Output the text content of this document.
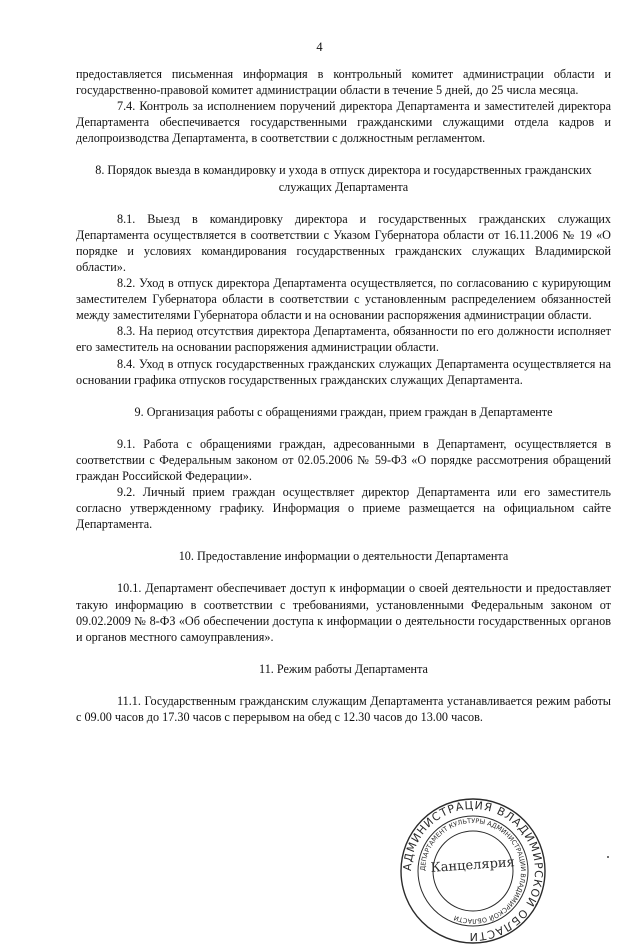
4

предоставляется письменная информация в контрольный комитет администрации области и государственно-правовой комитет администрации области в течение 5 дней, до 25 числа месяца.

7.4. Контроль за исполнением поручений директора Департамента и заместителей директора Департамента обеспечивается государственными гражданскими служащими отдела кадров и делопроизводства Департамента, в соответствии с должностным регламентом.

8. Порядок выезда в командировку и ухода в отпуск директора и государственных гражданских служащих Департамента

8.1. Выезд в командировку директора и государственных гражданских служащих Департамента осуществляется в соответствии с Указом Губернатора области от 16.11.2006 № 19 «О порядке и условиях командирования государственных гражданских служащих Владимирской области».

8.2. Уход в отпуск директора Департамента осуществляется, по согласованию с курирующим заместителем Губернатора области в соответствии с установленным распределением обязанностей между заместителями Губернатора области и на основании распоряжения администрации области.

8.3. На период отсутствия директора Департамента, обязанности по его должности исполняет его заместитель на основании распоряжения администрации области.

8.4. Уход в отпуск государственных гражданских служащих Департамента осуществляется на основании графика отпусков государственных гражданских служащих Департамента.

9. Организация работы с обращениями граждан, прием граждан в Департаменте

9.1. Работа с обращениями граждан, адресованными в Департамент, осуществляется в соответствии с Федеральным законом от 02.05.2006 № 59-ФЗ «О порядке рассмотрения обращений граждан Российской Федерации».

9.2. Личный прием граждан осуществляет директор Департамента или его заместитель согласно утвержденному графику. Информация о приеме размещается на официальном сайте Департамента.

10. Предоставление информации о деятельности Департамента

10.1. Департамент обеспечивает доступ к информации о своей деятельности и предоставляет такую информацию в соответствии с требованиями, установленными Федеральным законом от 09.02.2009 № 8-ФЗ «Об обеспечении доступа к информации о деятельности государственных органов и органов местного самоуправления».

11. Режим работы Департамента

11.1. Государственным гражданским служащим Департамента устанавливается режим работы с 09.00 часов до 17.30 часов с перерывом на обед с 12.30 часов до 13.00 часов.

АДМИНИСТРАЦИЯ ВЛАДИМИРСКОЙ ОБЛАСТИ
ДЕПАРТАМЕНТ КУЛЬТУРЫ АДМИНИСТРАЦИИ ВЛАДИМИРСКОЙ ОБЛАСТИ
Канцелярия
